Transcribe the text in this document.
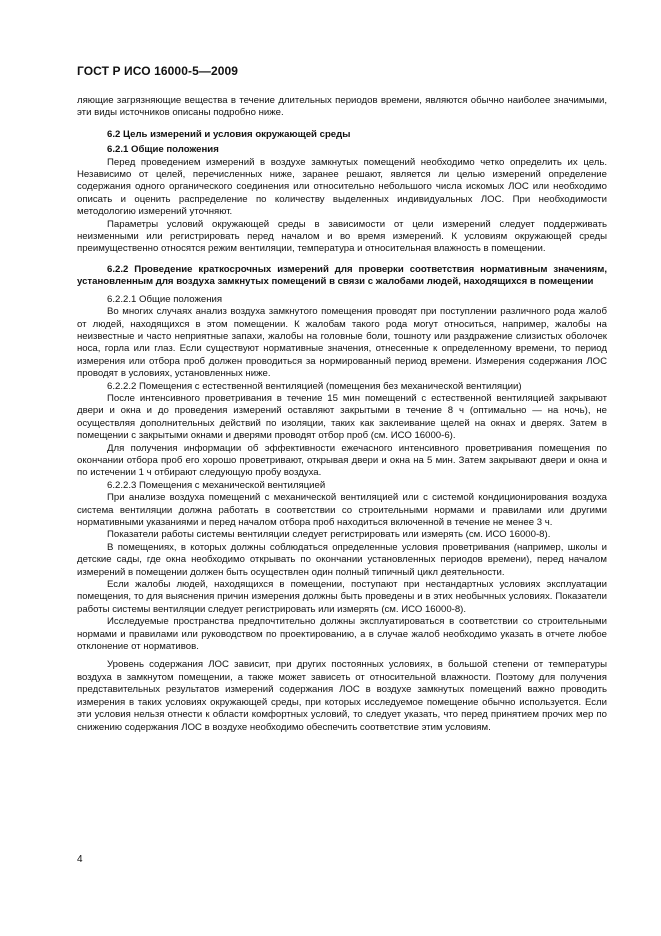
ГОСТ Р ИСО 16000-5—2009

ляющие загрязняющие вещества в течение длительных периодов времени, являются обычно наиболее значимыми, эти виды источников описаны подробно ниже.

6.2 Цель измерений и условия окружающей среды

6.2.1 Общие положения

Перед проведением измерений в воздухе замкнутых помещений необходимо четко определить их цель. Независимо от целей, перечисленных ниже, заранее решают, является ли целью измерений определение содержания одного органического соединения или относительно небольшого числа искомых ЛОС или необходимо описать и оценить распределение по количеству выделенных индивидуальных ЛОС. При необходимости методологию измерений уточняют.

Параметры условий окружающей среды в зависимости от цели измерений следует поддерживать неизменными или регистрировать перед началом и во время измерений. К условиям окружающей среды преимущественно относятся режим вентиляции, температура и относительная влажность в помещении.

6.2.2 Проведение краткосрочных измерений для проверки соответствия нормативным значениям, установленным для воздуха замкнутых помещений в связи с жалобами людей, находящихся в помещении

6.2.2.1 Общие положения

Во многих случаях анализ воздуха замкнутого помещения проводят при поступлении различного рода жалоб от людей, находящихся в этом помещении. К жалобам такого рода могут относиться, например, жалобы на неизвестные и часто неприятные запахи, жалобы на головные боли, тошноту или раздражение слизистых оболочек носа, горла или глаз. Если существуют нормативные значения, отнесенные к определенному времени, то период измерения или отбора проб должен проводиться за нормированный период времени. Измерения содержания ЛОС проводят в условиях, установленных ниже.

6.2.2.2 Помещения с естественной вентиляцией (помещения без механической вентиляции)

После интенсивного проветривания в течение 15 мин помещений с естественной вентиляцией закрывают двери и окна и до проведения измерений оставляют закрытыми в течение 8 ч (оптимально — на ночь), не осуществляя дополнительных действий по изоляции, таких как заклеивание щелей на окнах и дверях. Затем в помещении с закрытыми окнами и дверями проводят отбор проб (см. ИСО 16000-6).

Для получения информации об эффективности ежечасного интенсивного проветривания помещения по окончании отбора проб его хорошо проветривают, открывая двери и окна на 5 мин. Затем закрывают двери и окна и по истечении 1 ч отбирают следующую пробу воздуха.

6.2.2.3 Помещения с механической вентиляцией

При анализе воздуха помещений с механической вентиляцией или с системой кондиционирования воздуха система вентиляции должна работать в соответствии со строительными нормами и правилами или другими нормативными указаниями и перед началом отбора проб находиться включенной в течение не менее 3 ч.

Показатели работы системы вентиляции следует регистрировать или измерять (см. ИСО 16000-8).

В помещениях, в которых должны соблюдаться определенные условия проветривания (например, школы и детские сады, где окна необходимо открывать по окончании установленных периодов времени), перед началом измерений в помещении должен быть осуществлен один полный типичный цикл деятельности.

Если жалобы людей, находящихся в помещении, поступают при нестандартных условиях эксплуатации помещения, то для выяснения причин измерения должны быть проведены и в этих необычных условиях. Показатели работы системы вентиляции следует регистрировать или измерять (см. ИСО 16000-8).

Исследуемые пространства предпочтительно должны эксплуатироваться в соответствии со строительными нормами и правилами или руководством по проектированию, а в случае жалоб необходимо указать в отчете любое отклонение от нормативов.

Уровень содержания ЛОС зависит, при других постоянных условиях, в большой степени от температуры воздуха в замкнутом помещении, а также может зависеть от относительной влажности. Поэтому для получения представительных результатов измерений содержания ЛОС в воздухе замкнутых помещений важно проводить измерения в таких условиях окружающей среды, при которых исследуемое помещение обычно используется. Если эти условия нельзя отнести к области комфортных условий, то следует указать, что перед принятием прочих мер по снижению содержания ЛОС в воздухе необходимо обеспечить соответствие этим условиям.

4
